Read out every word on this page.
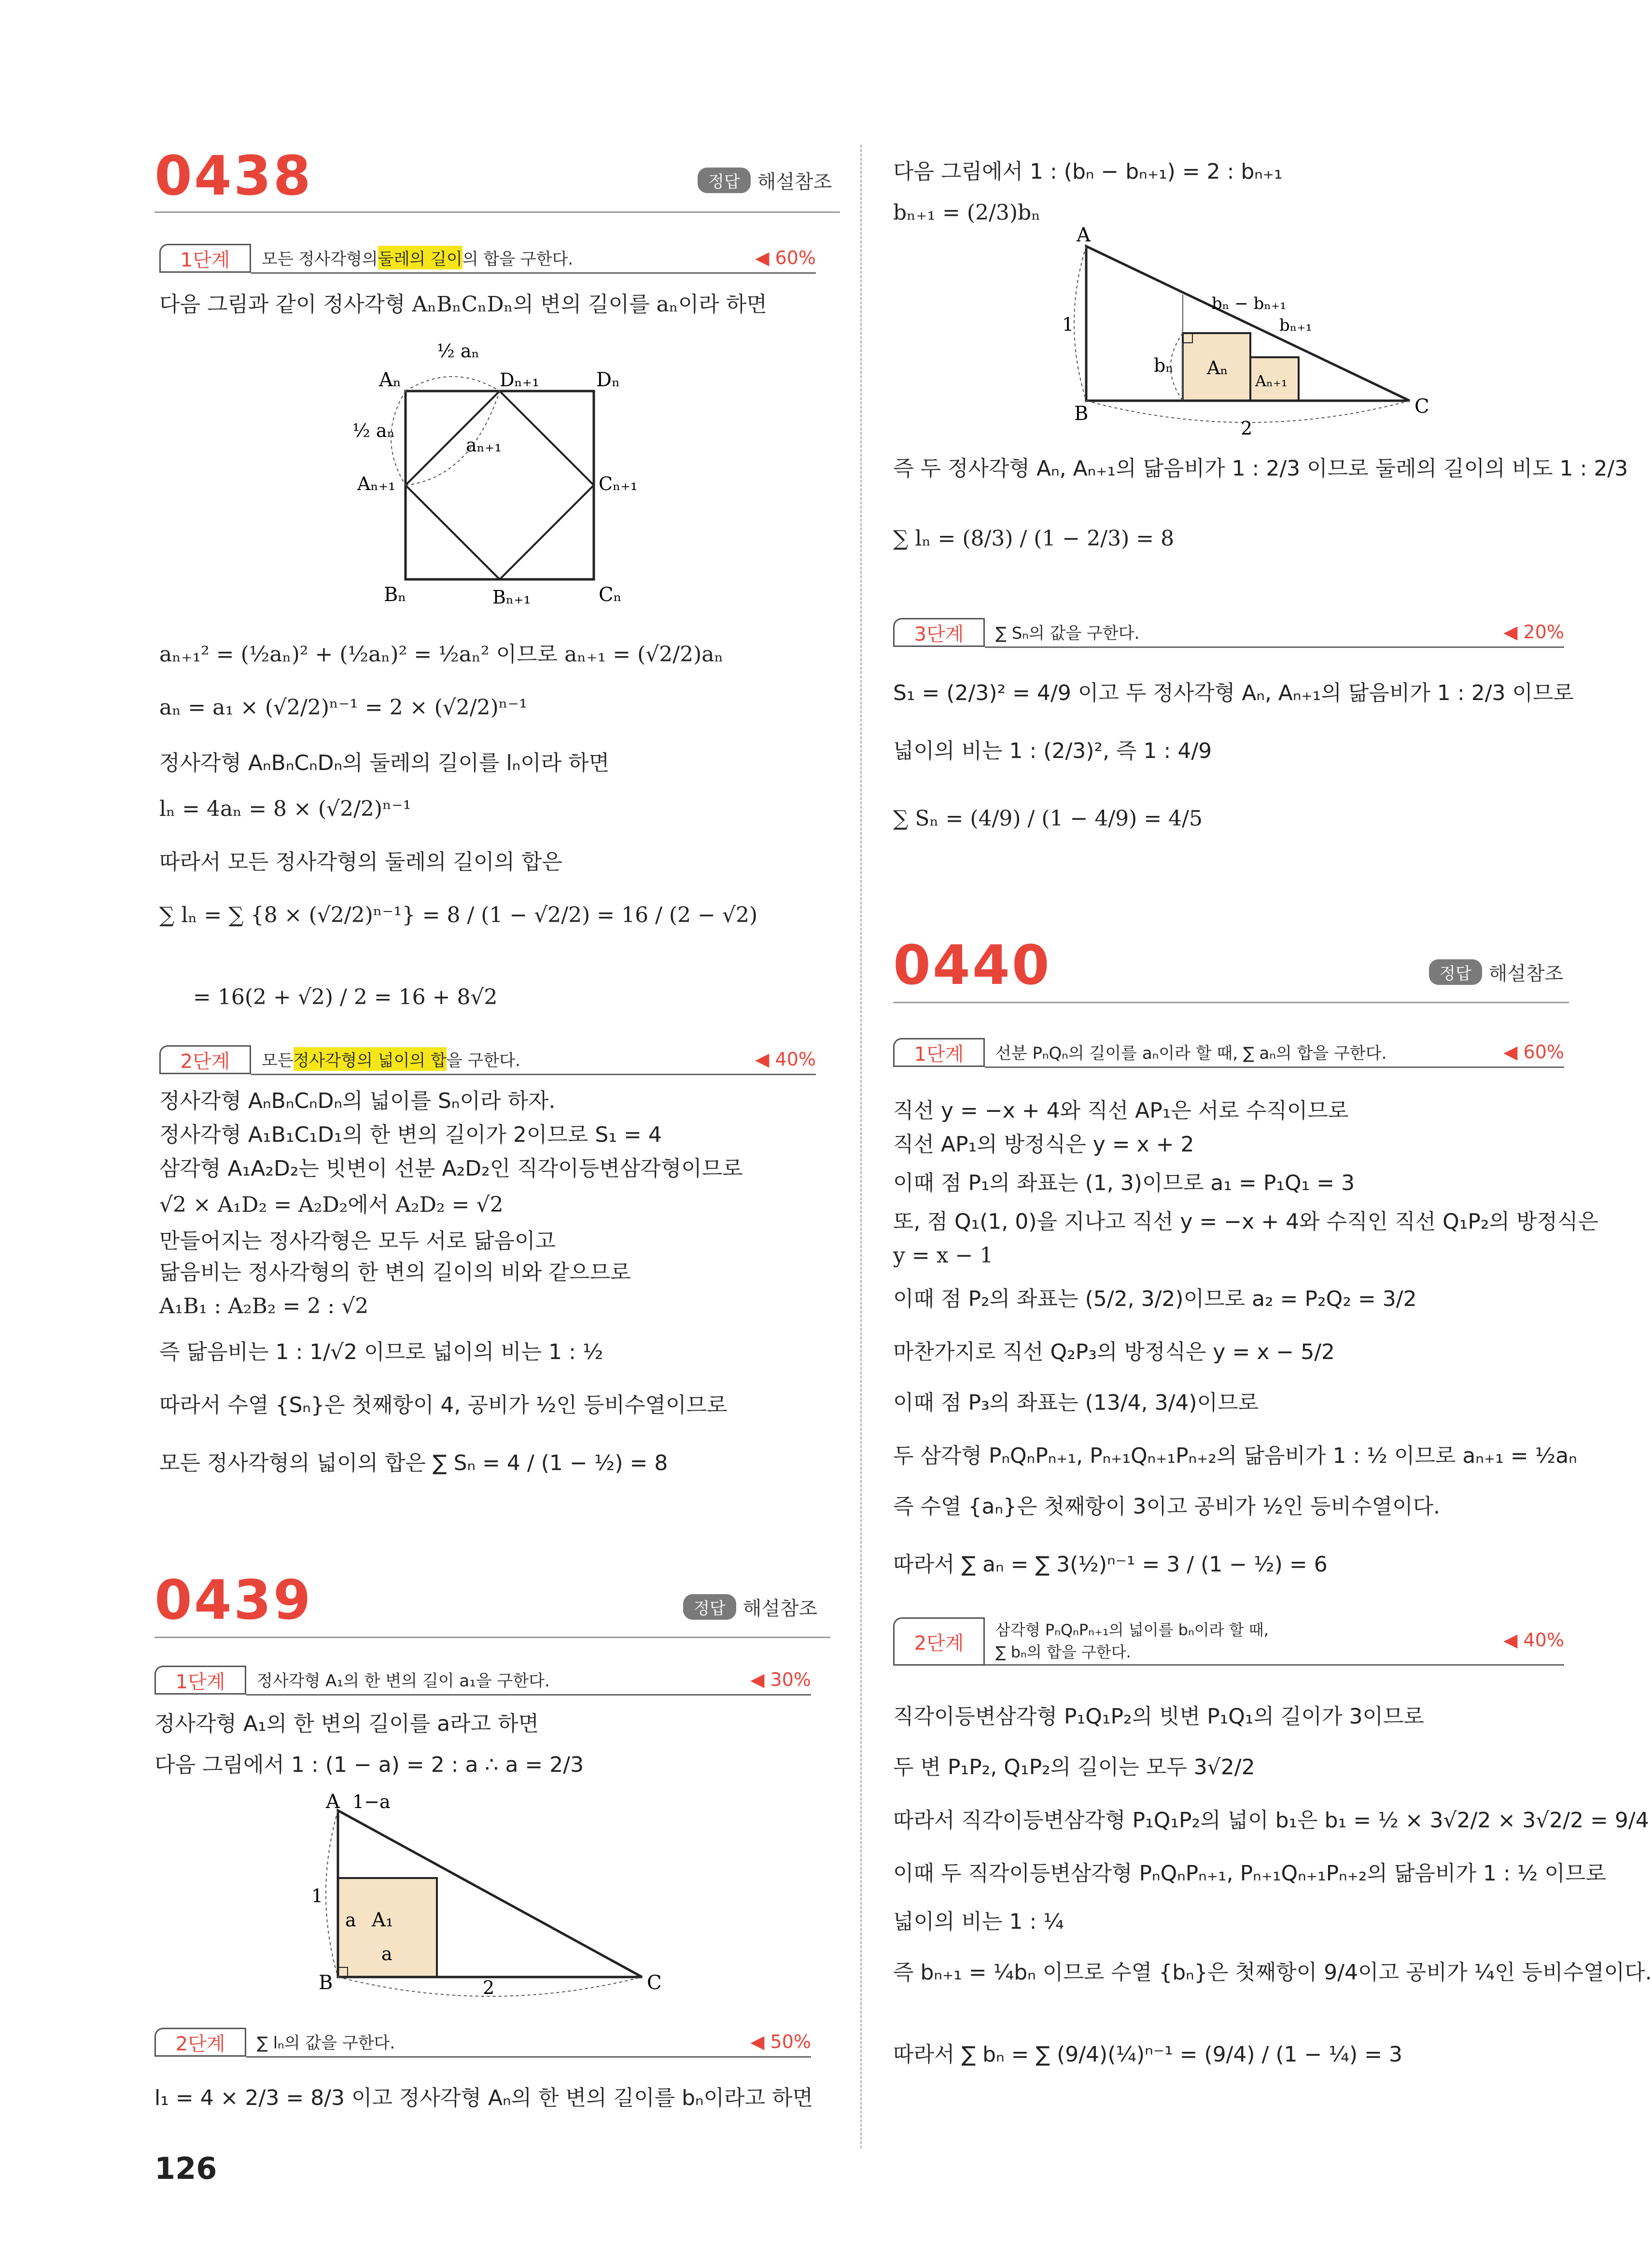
0438	정답 해설참조
1단계	모든 정사각형의 둘레의 길이 의 합을 구한다.	◀ 60%
다음 그림과 같이 정사각형 AₙBₙCₙDₙ의 변의 길이를 aₙ이라 하면
Aₙ	Dₙ₊₁	Dₙ
½ aₙ
½ aₙ
aₙ₊₁
Aₙ₊₁	Cₙ₊₁
Bₙ	Bₙ₊₁	Cₙ
aₙ₊₁² = (½aₙ)² + (½aₙ)² = ½aₙ² 이므로 aₙ₊₁ = (√2/2)aₙ
aₙ = a₁ × (√2/2)ⁿ⁻¹ = 2 × (√2/2)ⁿ⁻¹
정사각형 AₙBₙCₙDₙ의 둘레의 길이를 lₙ이라 하면
lₙ = 4aₙ = 8 × (√2/2)ⁿ⁻¹
따라서 모든 정사각형의 둘레의 길이의 합은
∑ lₙ = ∑ {8 × (√2/2)ⁿ⁻¹} = 8 / (1 − √2/2) = 16 / (2 − √2)
= 16(2 + √2) / 2 = 16 + 8√2
2단계	모든 정사각형의 넓이의 합 을 구한다.	◀ 40%
정사각형 AₙBₙCₙDₙ의 넓이를 Sₙ이라 하자.
정사각형 A₁B₁C₁D₁의 한 변의 길이가 2이므로 S₁ = 4
삼각형 A₁A₂D₂는 빗변이 선분 A₂D₂인 직각이등변삼각형이므로
√2 × A₁D₂ = A₂D₂에서 A₂D₂ = √2
만들어지는 정사각형은 모두 서로 닮음이고
닮음비는 정사각형의 한 변의 길이의 비와 같으므로
A₁B₁ : A₂B₂ = 2 : √2
즉 닮음비는 1 : 1/√2 이므로 넓이의 비는 1 : ½
따라서 수열 {Sₙ}은 첫째항이 4, 공비가 ½인 등비수열이므로
모든 정사각형의 넓이의 합은 ∑ Sₙ = 4 / (1 − ½) = 8
0439	정답 해설참조
1단계	정사각형 A₁의 한 변의 길이 a₁을 구한다.	◀ 30%
정사각형 A₁의 한 변의 길이를 a라고 하면
다음 그림에서 1 : (1 − a) = 2 : a ∴ a = 2/3
A 1−a
1
a A₁
a
B	2	C
2단계	∑ lₙ의 값을 구한다.	◀ 50%
l₁ = 4 × 2/3 = 8/3 이고 정사각형 Aₙ의 한 변의 길이를 bₙ이라고 하면
126
다음 그림에서 1 : (bₙ − bₙ₊₁) = 2 : bₙ₊₁
bₙ₊₁ = (2/3)bₙ
A
1
bₙ − bₙ₊₁
bₙ₊₁
bₙ Aₙ
Aₙ₊₁
B
2
C
즉 두 정사각형 Aₙ, Aₙ₊₁의 닮음비가 1 : 2/3 이므로 둘레의 길이의 비도 1 : 2/3
∑ lₙ = (8/3) / (1 − 2/3) = 8
3단계	∑ Sₙ의 값을 구한다.	◀ 20%
S₁ = (2/3)² = 4/9 이고 두 정사각형 Aₙ, Aₙ₊₁의 닮음비가 1 : 2/3 이므로
넓이의 비는 1 : (2/3)², 즉 1 : 4/9
∑ Sₙ = (4/9) / (1 − 4/9) = 4/5
0440	정답 해설참조
1단계	선분 PₙQₙ의 길이를 aₙ이라 할 때, ∑ aₙ의 합을 구한다.	◀ 60%
직선 y = −x + 4와 직선 AP₁은 서로 수직이므로
직선 AP₁의 방정식은 y = x + 2
이때 점 P₁의 좌표는 (1, 3)이므로 a₁ = P₁Q₁ = 3
또, 점 Q₁(1, 0)을 지나고 직선 y = −x + 4와 수직인 직선 Q₁P₂의 방정식은
y = x − 1
이때 점 P₂의 좌표는 (5/2, 3/2)이므로 a₂ = P₂Q₂ = 3/2
마찬가지로 직선 Q₂P₃의 방정식은 y = x − 5/2
이때 점 P₃의 좌표는 (13/4, 3/4)이므로
두 삼각형 PₙQₙPₙ₊₁, Pₙ₊₁Qₙ₊₁Pₙ₊₂의 닮음비가 1 : ½ 이므로 aₙ₊₁ = ½aₙ
즉 수열 {aₙ}은 첫째항이 3이고 공비가 ½인 등비수열이다.
따라서 ∑ aₙ = ∑ 3(½)ⁿ⁻¹ = 3 / (1 − ½) = 6
2단계
삼각형 PₙQₙPₙ₊₁의 넓이를 bₙ이라 할 때,
∑ bₙ의 합을 구한다.
◀ 40%
직각이등변삼각형 P₁Q₁P₂의 빗변 P₁Q₁의 길이가 3이므로
두 변 P₁P₂, Q₁P₂의 길이는 모두 3√2/2
따라서 직각이등변삼각형 P₁Q₁P₂의 넓이 b₁은 b₁ = ½ × 3√2/2 × 3√2/2 = 9/4
이때 두 직각이등변삼각형 PₙQₙPₙ₊₁, Pₙ₊₁Qₙ₊₁Pₙ₊₂의 닮음비가 1 : ½ 이므로
넓이의 비는 1 : ¼
즉 bₙ₊₁ = ¼bₙ 이므로 수열 {bₙ}은 첫째항이 9/4이고 공비가 ¼인 등비수열이다.
따라서 ∑ bₙ = ∑ (9/4)(¼)ⁿ⁻¹ = (9/4) / (1 − ¼) = 3
